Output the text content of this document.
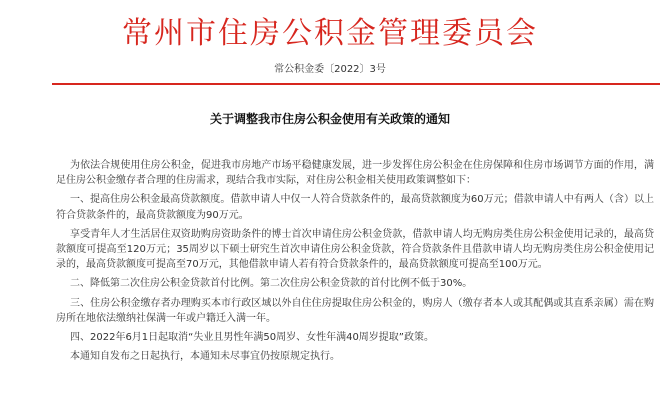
常州市住房公积金管理委员会
常公积金委〔2022〕3号
关于调整我市住房公积金使用有关政策的通知

为依法合规使用住房公积金，促进我市房地产市场平稳健康发展，进一步发挥住房公积金在住房保障和住房市场调节方面的作用，满足住房公积金缴存者合理的住房需求，现结合我市实际，对住房公积金相关使用政策调整如下：

一、提高住房公积金最高贷款额度。借款申请人中仅一人符合贷款条件的，最高贷款额度为60万元；借款申请人中有两人（含）以上符合贷款条件的，最高贷款额度为90万元。

享受青年人才生活居住双资助购房资助条件的博士首次申请住房公积金贷款，借款申请人均无购房类住房公积金使用记录的，最高贷款额度可提高至120万元；35周岁以下硕士研究生首次申请住房公积金贷款，符合贷款条件且借款申请人均无购房类住房公积金使用记录的，最高贷款额度可提高至70万元，其他借款申请人若有符合贷款条件的，最高贷款额度可提高至100万元。

二、降低第二次住房公积金贷款首付比例。第二次住房公积金贷款的首付比例不低于30%。

三、住房公积金缴存者办理购买本市行政区域以外自住住房提取住房公积金的，购房人（缴存者本人或其配偶或其直系亲属）需在购房所在地依法缴纳社保满一年或户籍迁入满一年。

四、2022年6月1日起取消“失业且男性年满50周岁、女性年满40周岁提取”政策。

本通知自发布之日起执行，本通知未尽事宜仍按原规定执行。
